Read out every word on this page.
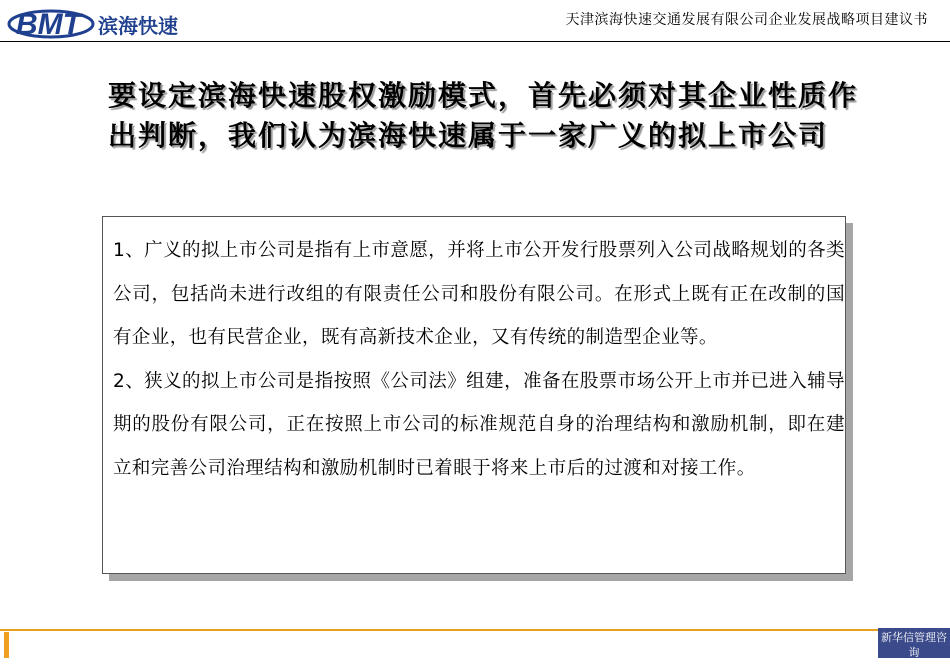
BMT 滨海快速	天津滨海快速交通发展有限公司企业发展战略项目建议书
要设定滨海快速股权激励模式，首先必须对其企业性质作出判断，我们认为滨海快速属于一家广义的拟上市公司

1、广义的拟上市公司是指有上市意愿，并将上市公开发行股票列入公司战略规划的各类公司，包括尚未进行改组的有限责任公司和股份有限公司。在形式上既有正在改制的国有企业，也有民营企业，既有高新技术企业，又有传统的制造型企业等。

2、狭义的拟上市公司是指按照《公司法》组建，准备在股票市场公开上市并已进入辅导期的股份有限公司，正在按照上市公司的标准规范自身的治理结构和激励机制，即在建立和完善公司治理结构和激励机制时已着眼于将来上市后的过渡和对接工作。

新华信管理咨询
SINOTRUST
